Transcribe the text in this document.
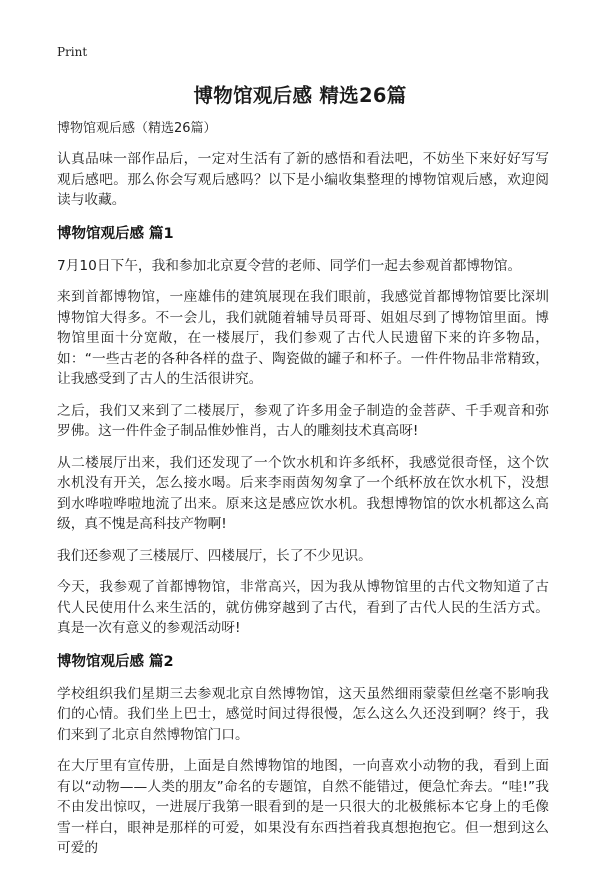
Print
博物馆观后感 精选26篇

博物馆观后感（精选26篇）

认真品味一部作品后，一定对生活有了新的感悟和看法吧，不妨坐下来好好写写观后感吧。那么你会写观后感吗？以下是小编收集整理的博物馆观后感，欢迎阅读与收藏。

博物馆观后感 篇1

7月10日下午，我和参加北京夏令营的老师、同学们一起去参观首都博物馆。

来到首都博物馆，一座雄伟的建筑展现在我们眼前，我感觉首都博物馆要比深圳博物馆大得多。不一会儿，我们就随着辅导员哥哥、姐姐尽到了博物馆里面。博物馆里面十分宽敞，在一楼展厅，我们参观了古代人民遗留下来的许多物品，如：“一些古老的各种各样的盘子、陶瓷做的罐子和杯子。一件件物品非常精致，让我感受到了古人的生活很讲究。

之后，我们又来到了二楼展厅，参观了许多用金子制造的金菩萨、千手观音和弥罗佛。这一件件金子制品惟妙惟肖，古人的雕刻技术真高呀!

从二楼展厅出来，我们还发现了一个饮水机和许多纸杯，我感觉很奇怪，这个饮水机没有开关，怎么接水喝。后来李雨茵匆匆拿了一个纸杯放在饮水机下，没想到水哗啦哗啦地流了出来。原来这是感应饮水机。我想博物馆的饮水机都这么高级，真不愧是高科技产物啊!

我们还参观了三楼展厅、四楼展厅，长了不少见识。

今天，我参观了首都博物馆，非常高兴，因为我从博物馆里的古代文物知道了古代人民使用什么来生活的，就仿佛穿越到了古代，看到了古代人民的生活方式。真是一次有意义的参观活动呀!

博物馆观后感 篇2

学校组织我们星期三去参观北京自然博物馆，这天虽然细雨蒙蒙但丝毫不影响我们的心情。我们坐上巴士，感觉时间过得很慢，怎么这么久还没到啊？终于，我们来到了北京自然博物馆门口。

在大厅里有宣传册，上面是自然博物馆的地图，一向喜欢小动物的我，看到上面有以“动物——人类的朋友”命名的专题馆，自然不能错过，便急忙奔去。“哇!”我不由发出惊叹，一进展厅我第一眼看到的是一只很大的北极熊标本它身上的毛像雪一样白，眼神是那样的可爱，如果没有东西挡着我真想抱抱它。但一想到这么可爱的
